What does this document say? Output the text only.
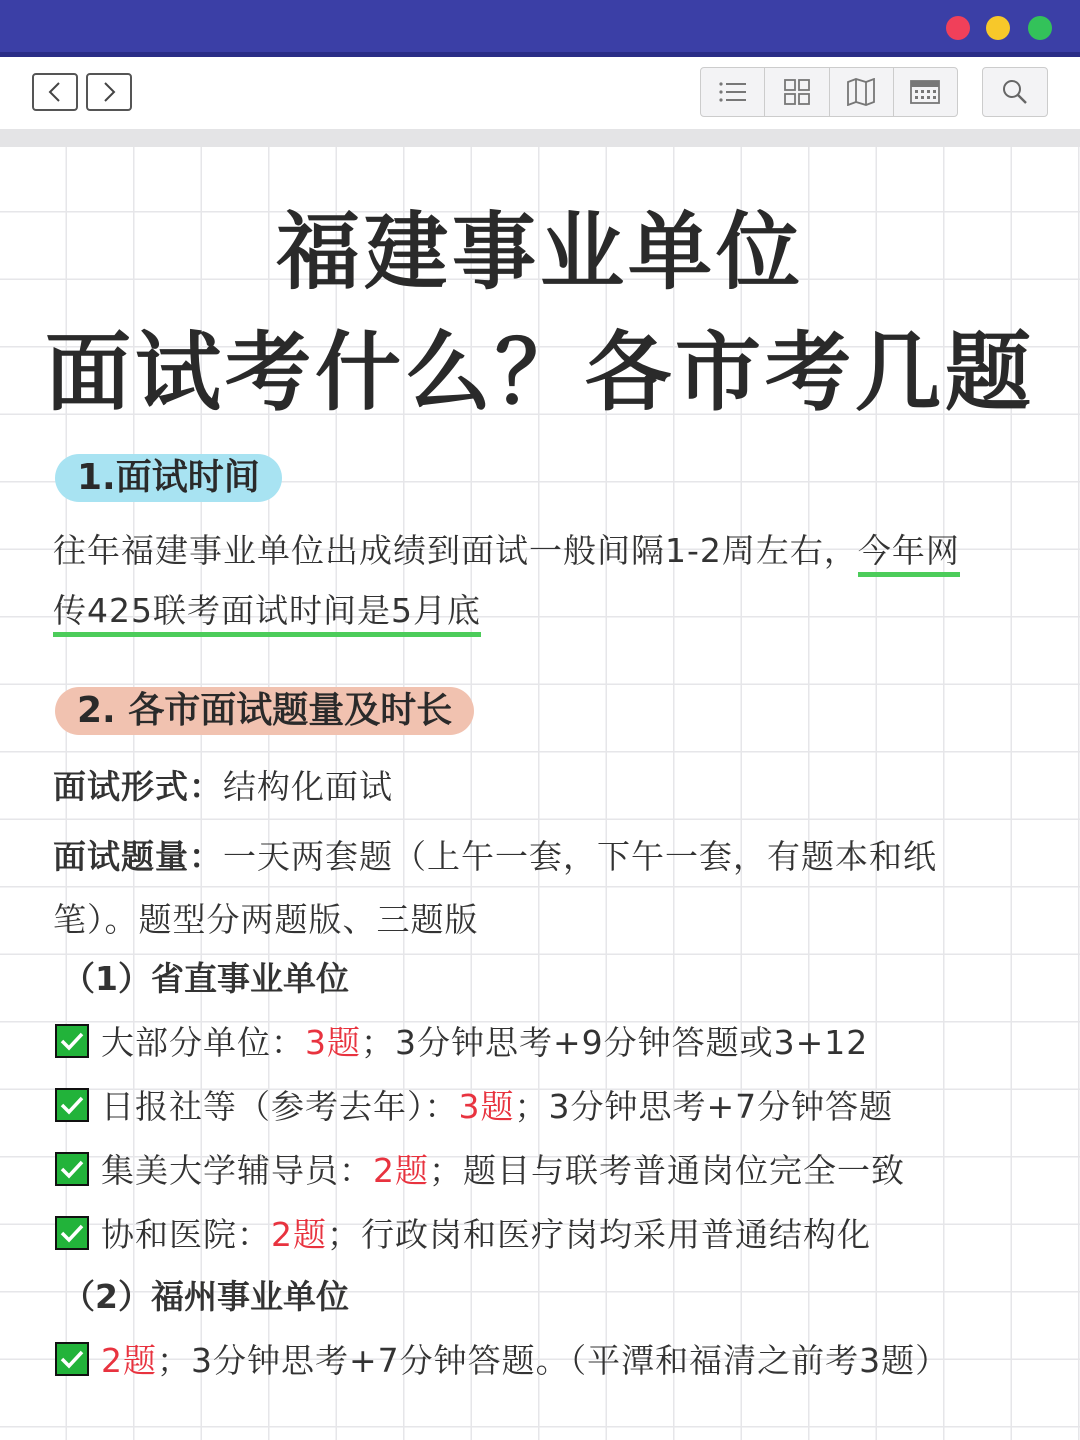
福建事业单位
面试考什么？各市考几题
1.面试时间
往年福建事业单位出成绩到面试一般间隔1-2周左右，今年网
传425联考面试时间是5月底
2. 各市面试题量及时长
面试形式：结构化面试
面试题量：一天两套题（上午一套，下午一套，有题本和纸
笔）。题型分两题版、三题版
（1）省直事业单位
大部分单位： 3题 ；3分钟思考+9分钟答题或3+12
日报社等（参考去年）： 3题 ；3分钟思考+7分钟答题
集美大学辅导员： 2题 ；题目与联考普通岗位完全一致
协和医院： 2题 ；行政岗和医疗岗均采用普通结构化
（2）福州事业单位
2题 ；3分钟思考+7分钟答题。（平潭和福清之前考3题）
